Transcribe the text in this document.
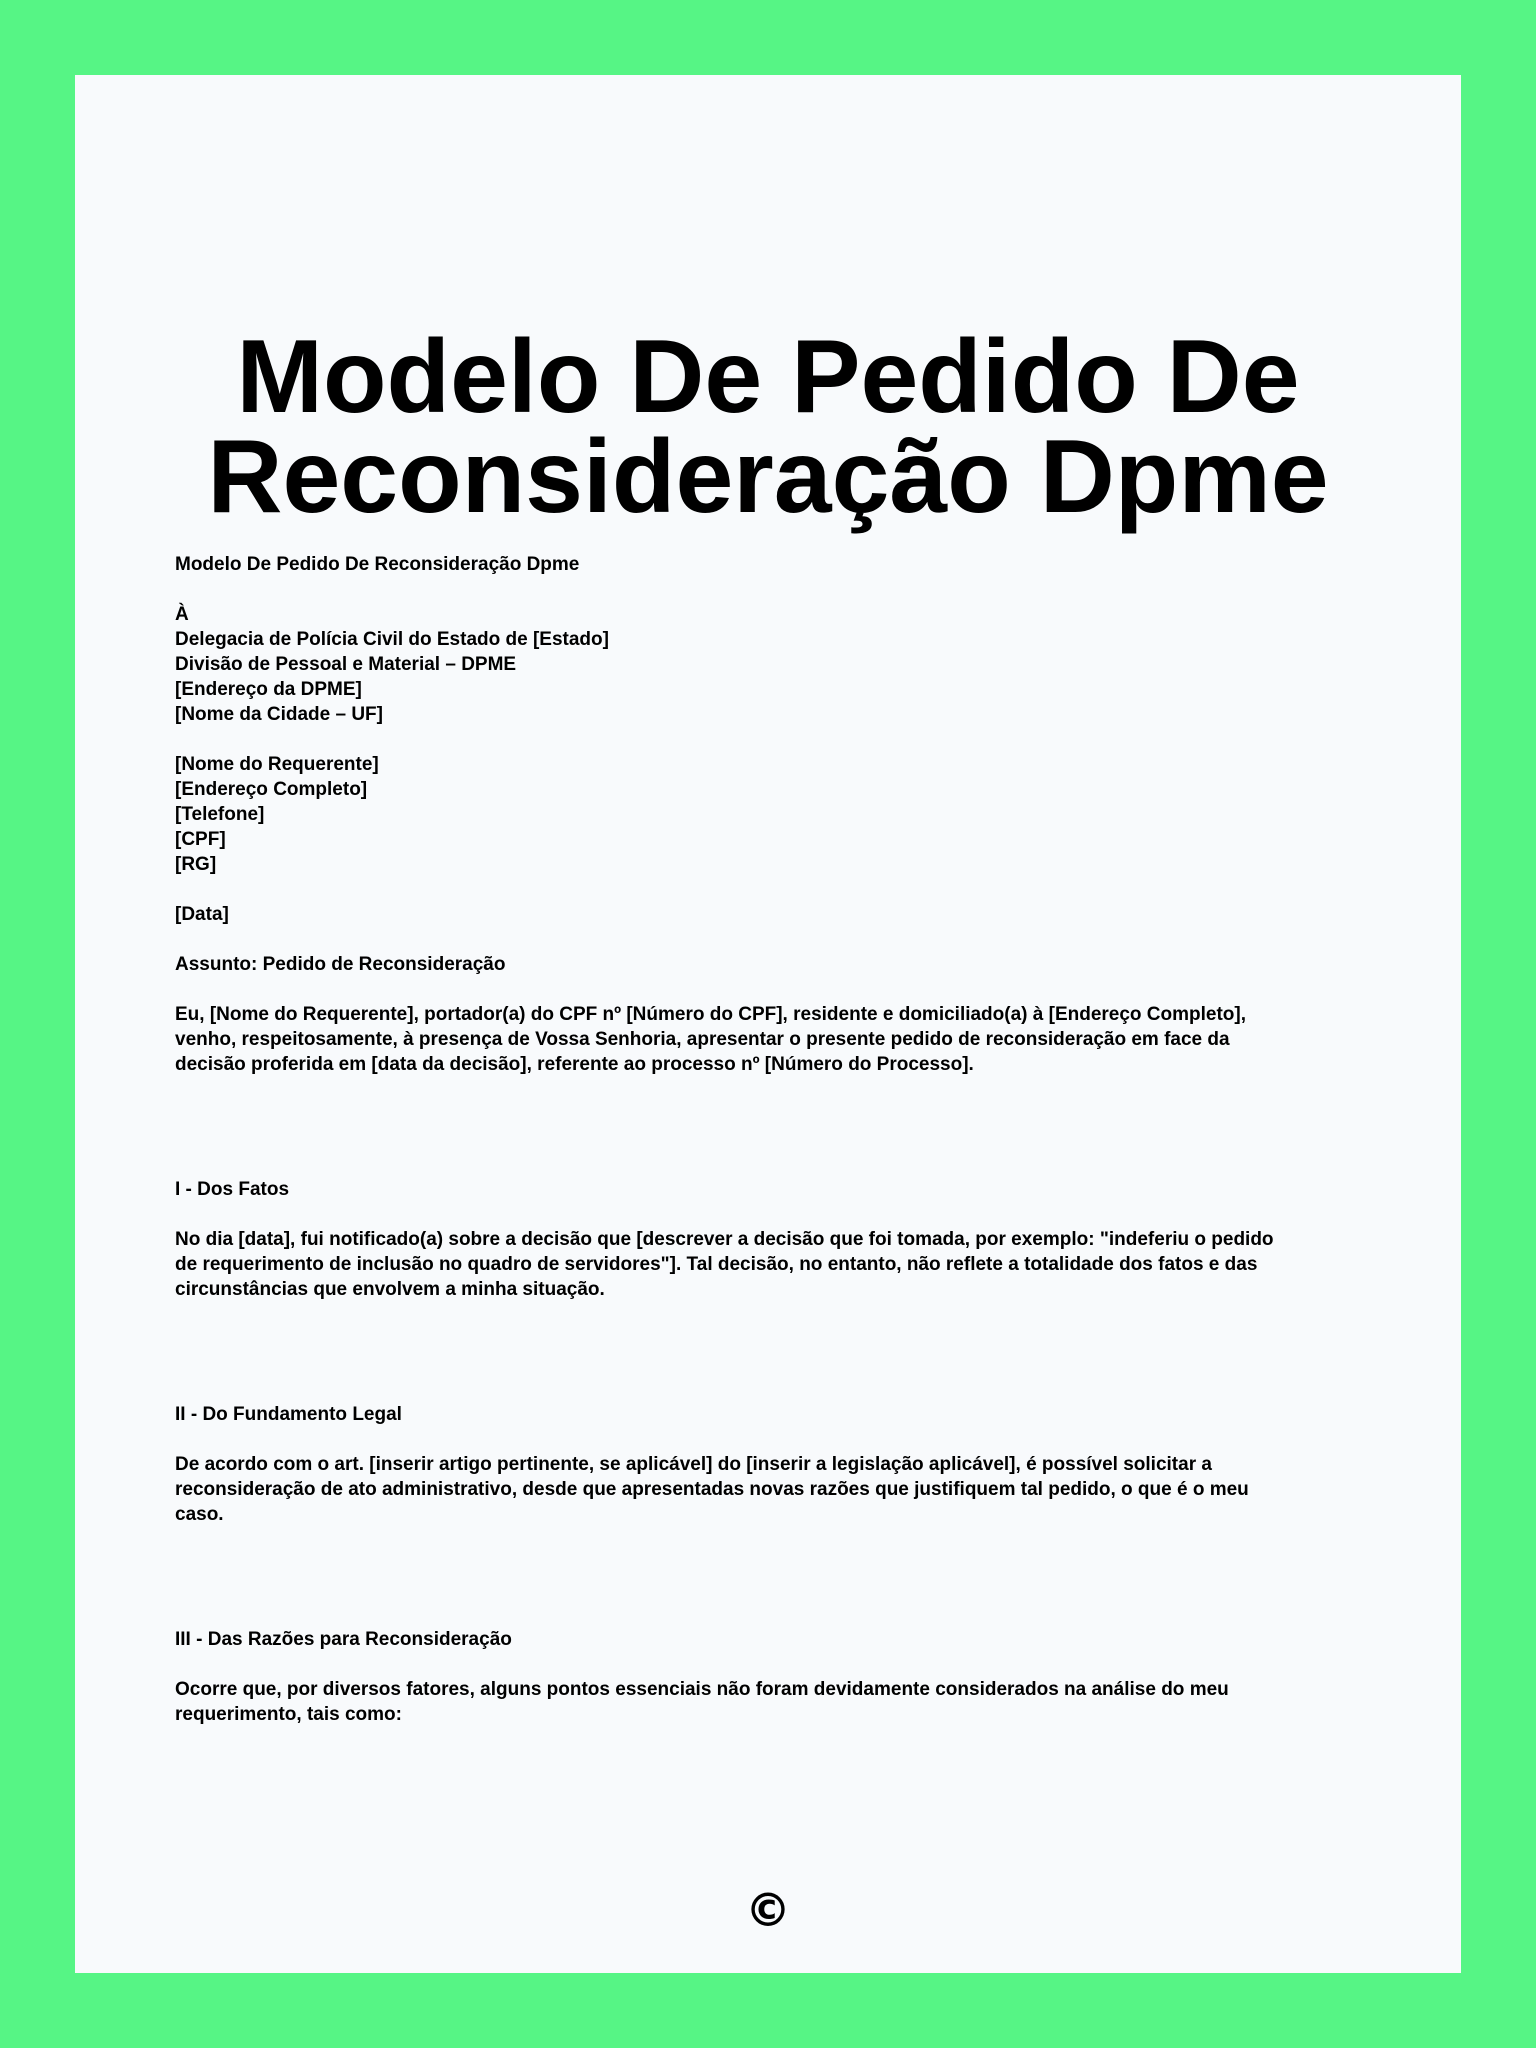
Modelo De Pedido De
Reconsideração Dpme
Modelo De Pedido De Reconsideração Dpme
À
Delegacia de Polícia Civil do Estado de [Estado]
Divisão de Pessoal e Material – DPME
[Endereço da DPME]
[Nome da Cidade – UF]
[Nome do Requerente]
[Endereço Completo]
[Telefone]
[CPF]
[RG]
[Data]
Assunto: Pedido de Reconsideração

Eu, [Nome do Requerente], portador(a) do CPF nº [Número do CPF], residente e domiciliado(a) à [Endereço Completo], venho, respeitosamente, à presença de Vossa Senhoria, apresentar o presente pedido de reconsideração em face da decisão proferida em [data da decisão], referente ao processo nº [Número do Processo].

I - Dos Fatos

No dia [data], fui notificado(a) sobre a decisão que [descrever a decisão que foi tomada, por exemplo: "indeferiu o pedido de requerimento de inclusão no quadro de servidores"]. Tal decisão, no entanto, não reflete a totalidade dos fatos e das circunstâncias que envolvem a minha situação.

II - Do Fundamento Legal

De acordo com o art. [inserir artigo pertinente, se aplicável] do [inserir a legislação aplicável], é possível solicitar a reconsideração de ato administrativo, desde que apresentadas novas razões que justifiquem tal pedido, o que é o meu caso.

III - Das Razões para Reconsideração

Ocorre que, por diversos fatores, alguns pontos essenciais não foram devidamente considerados na análise do meu requerimento, tais como:

©
